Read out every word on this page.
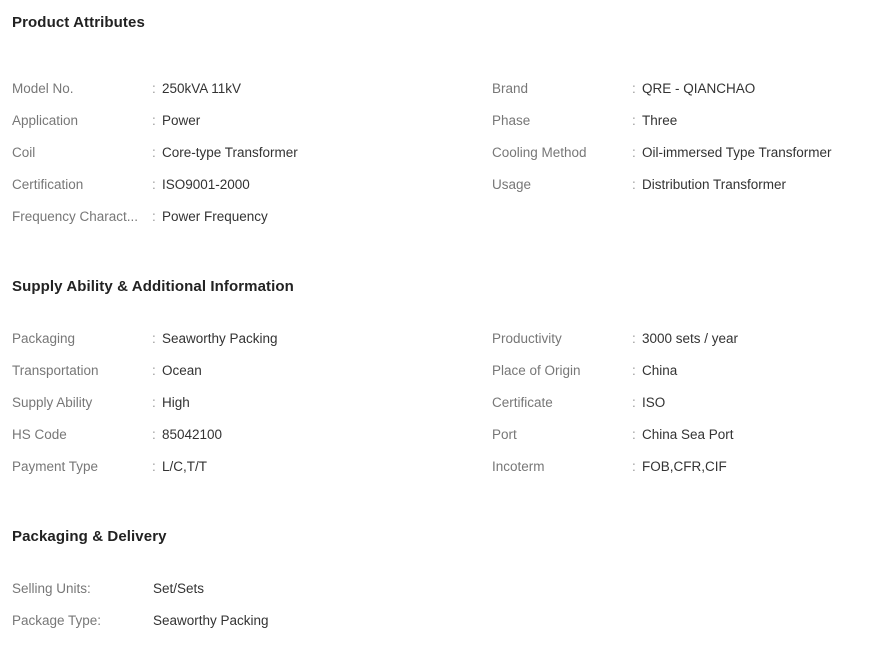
Product Attributes
Model No.	: 250kVA 11kV	Brand	: QRE - QIANCHAO
Application	: Power	Phase	: Three
Coil	: Core-type Transformer	Cooling Method	: Oil-immersed Type Transformer
Certification	: ISO9001-2000	Usage	: Distribution Transformer
Frequency Charact...	: Power Frequency
Supply Ability & Additional Information
Packaging	: Seaworthy Packing	Productivity	: 3000 sets / year
Transportation	: Ocean	Place of Origin	: China
Supply Ability	: High	Certificate	: ISO
HS Code	: 85042100	Port	: China Sea Port
Payment Type	: L/C,T/T	Incoterm	: FOB,CFR,CIF
Packaging & Delivery
Selling Units:	Set/Sets
Package Type:	Seaworthy Packing
